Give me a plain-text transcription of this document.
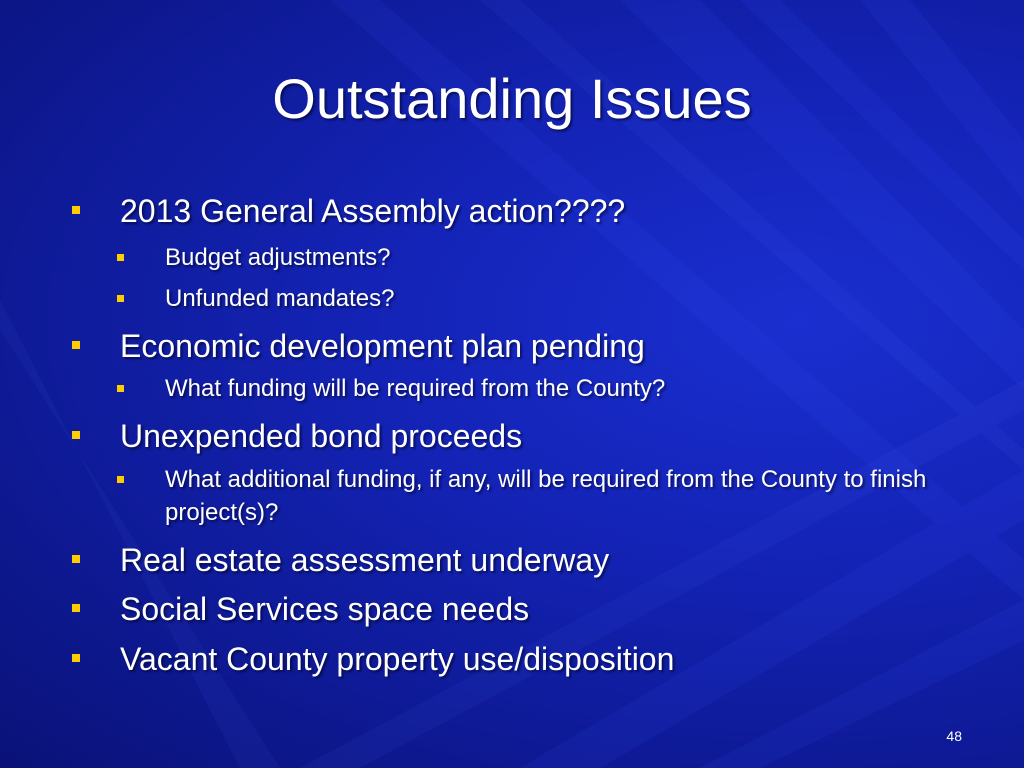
Outstanding Issues
2013 General Assembly action????
Budget adjustments?
Unfunded mandates?
Economic development plan pending
What funding will be required from the County?
Unexpended bond proceeds
What additional funding, if any, will be required from the County to finish project(s)?
Real estate assessment underway
Social Services space needs
Vacant County property use/disposition
48
